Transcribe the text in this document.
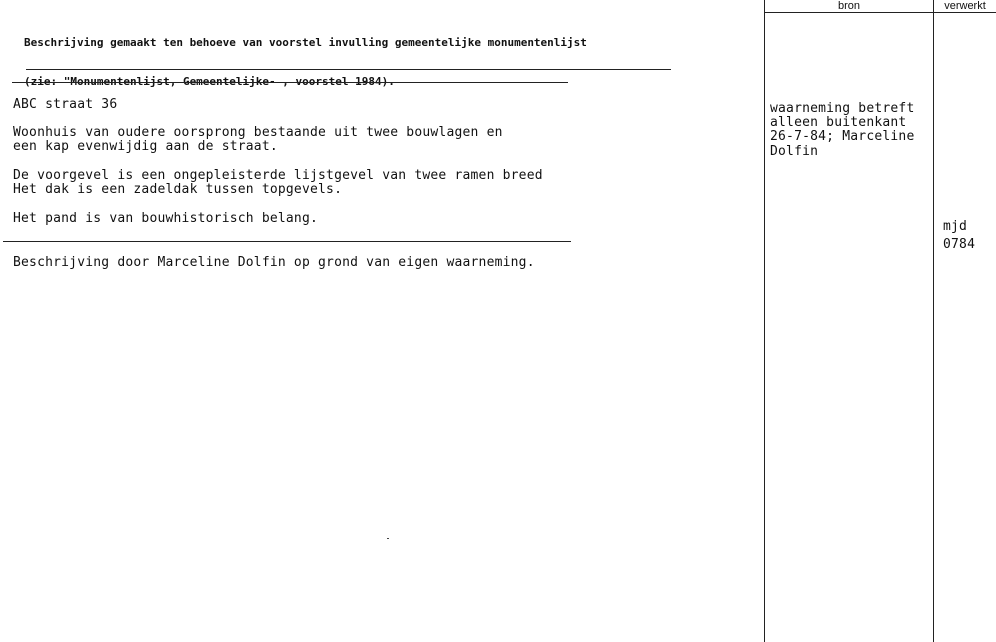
Beschrijving gemaakt ten behoeve van voorstel invulling gemeentelijke monumentenlijst

(zie: "Monumentenlijst, Gemeentelijke- , voorstel 1984).

ABC straat 36
Woonhuis van oudere oorsprong bestaande uit twee bouwlagen en
een kap evenwijdig aan de straat.
De voorgevel is een ongepleisterde lijstgevel van twee ramen breed
Het dak is een zadeldak tussen topgevels.
Het pand is van bouwhistorisch belang.
Beschrijving door Marceline Dolfin op grond van eigen waarneming.
bron	verwerkt
waarneming betreft
alleen buitenkant
26-7-84; Marceline
Dolfin
mjd
0784
